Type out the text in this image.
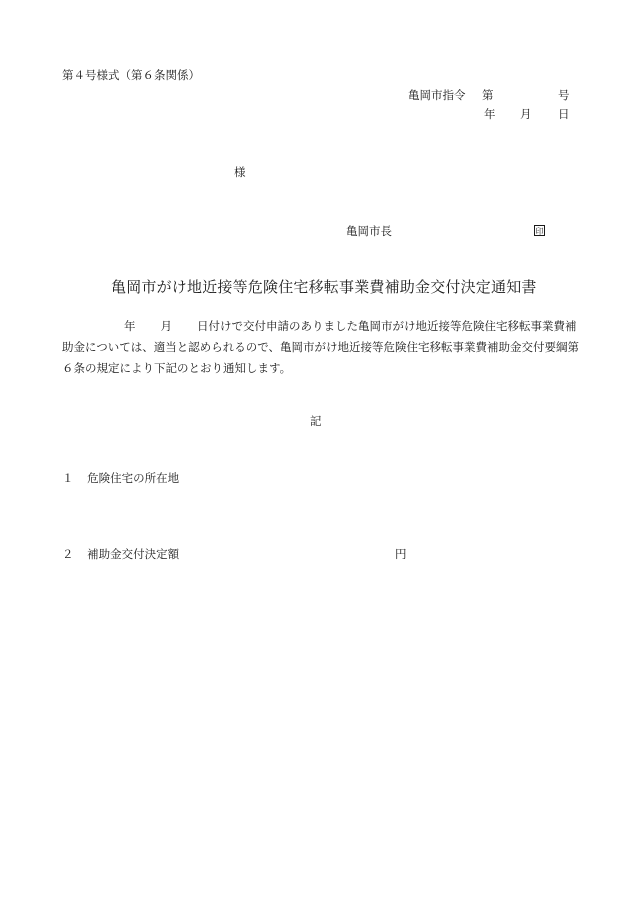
第４号様式（第６条関係）
亀岡市指令 第	号
年 月 日
様
亀岡市長	印
亀岡市がけ地近接等危険住宅移転事業費補助金交付決定通知書
年 月 日付けで交付申請のありました亀岡市がけ地近接等危険住宅移転事業費補助金については、適当と認められるので、亀岡市がけ地近接等危険住宅移転事業費補助金交付要綱第６条の規定により下記のとおり通知します。
記
１ 危険住宅の所在地
２ 補助金交付決定額	円
